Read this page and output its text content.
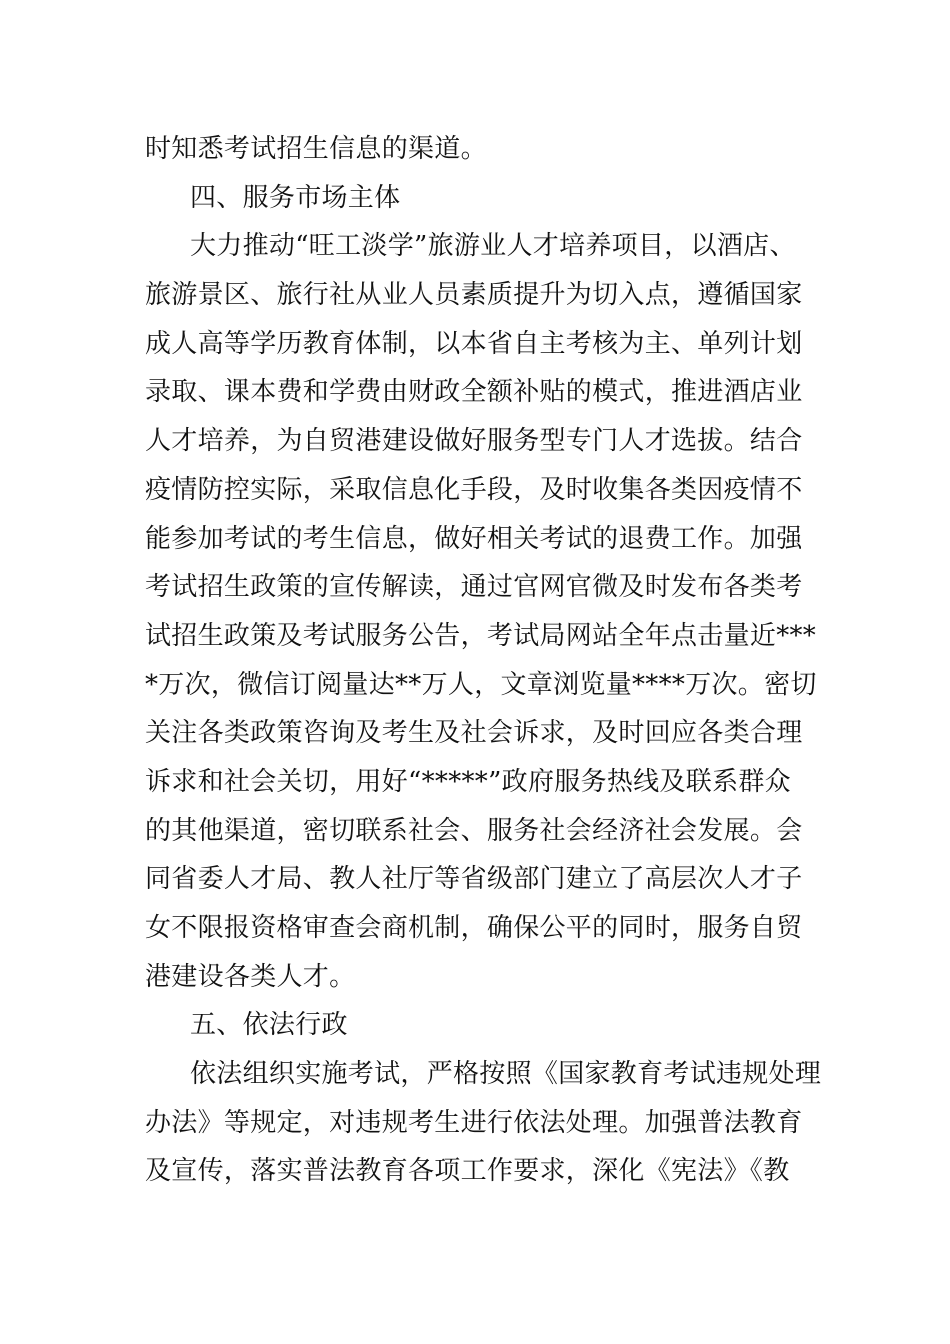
时知悉考试招生信息的渠道。
四、服务市场主体
大力推动“旺工淡学”旅游业人才培养项目，以酒店、
旅游景区、旅行社从业人员素质提升为切入点，遵循国家
成人高等学历教育体制，以本省自主考核为主、单列计划
录取、课本费和学费由财政全额补贴的模式，推进酒店业
人才培养，为自贸港建设做好服务型专门人才选拔。结合
疫情防控实际，采取信息化手段，及时收集各类因疫情不
能参加考试的考生信息，做好相关考试的退费工作。加强
考试招生政策的宣传解读，通过官网官微及时发布各类考
试招生政策及考试服务公告，考试局网站全年点击量近***
*万次，微信订阅量达**万人，文章浏览量****万次。密切
关注各类政策咨询及考生及社会诉求，及时回应各类合理
诉求和社会关切，用好“*****”政府服务热线及联系群众
的其他渠道，密切联系社会、服务社会经济社会发展。会
同省委人才局、教人社厅等省级部门建立了高层次人才子
女不限报资格审查会商机制，确保公平的同时，服务自贸
港建设各类人才。
五、依法行政
依法组织实施考试，严格按照《国家教育考试违规处理
办法》等规定，对违规考生进行依法处理。加强普法教育
及宣传，落实普法教育各项工作要求，深化《宪法》《教
